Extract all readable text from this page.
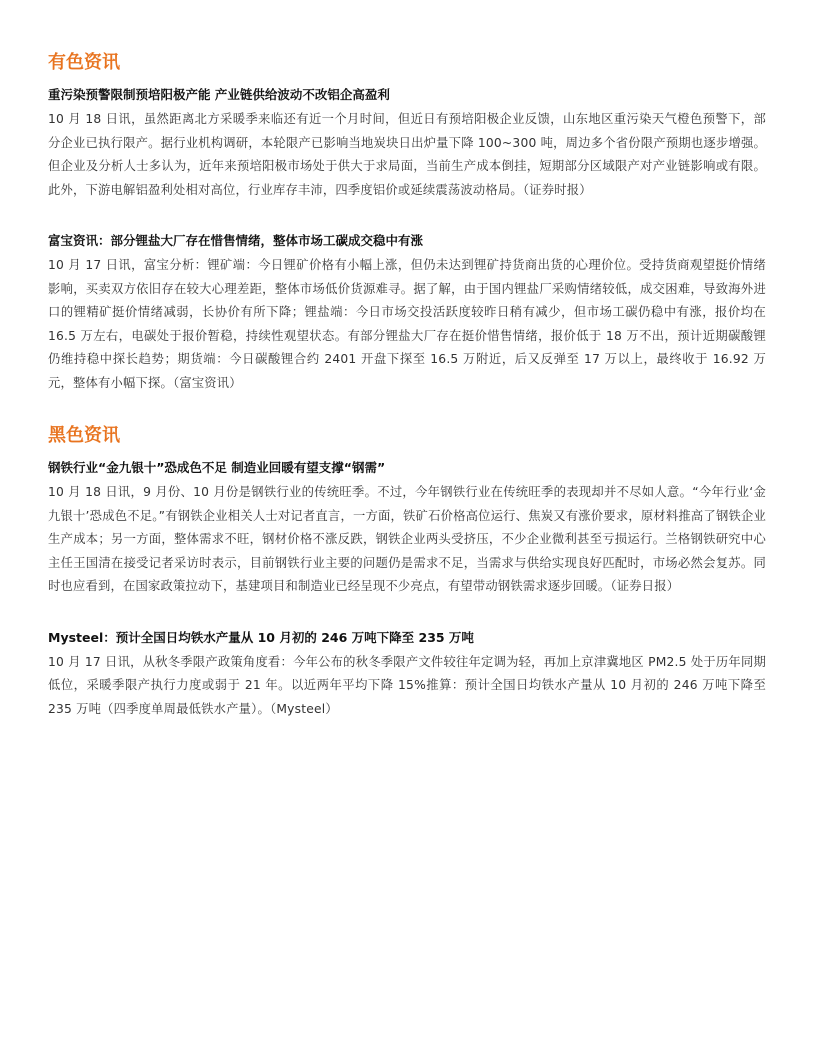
有色资讯
重污染预警限制预培阳极产能 产业链供给波动不改铝企高盈利

10 月 18 日讯，虽然距离北方采暖季来临还有近一个月时间，但近日有预培阳极企业反馈，山东地区重污染天气橙色预警下，部分企业已执行限产。据行业机构调研，本轮限产已影响当地炭块日出炉量下降 100~300 吨，周边多个省份限产预期也逐步增强。但企业及分析人士多认为，近年来预培阳极市场处于供大于求局面，当前生产成本倒挂，短期部分区域限产对产业链影响或有限。此外，下游电解铝盈利处相对高位，行业库存丰沛，四季度铝价或延续震荡波动格局。（证券时报）

富宝资讯：部分锂盐大厂存在惜售情绪，整体市场工碳成交稳中有涨

10 月 17 日讯，富宝分析：锂矿端：今日锂矿价格有小幅上涨，但仍未达到锂矿持货商出货的心理价位。受持货商观望挺价情绪影响，买卖双方依旧存在较大心理差距，整体市场低价货源难寻。据了解，由于国内锂盐厂采购情绪较低，成交困难，导致海外进口的锂精矿挺价情绪减弱，长协价有所下降；锂盐端：今日市场交投活跃度较昨日稍有减少，但市场工碳仍稳中有涨，报价均在 16.5 万左右，电碳处于报价暂稳，持续性观望状态。有部分锂盐大厂存在挺价惜售情绪，报价低于 18 万不出，预计近期碳酸锂仍维持稳中探长趋势；期货端：今日碳酸锂合约 2401 开盘下探至 16.5 万附近，后又反弹至 17 万以上，最终收于 16.92 万元，整体有小幅下探。（富宝资讯）

黑色资讯
钢铁行业“金九银十”恐成色不足 制造业回暖有望支撑“钢需”

10 月 18 日讯，9 月份、10 月份是钢铁行业的传统旺季。不过，今年钢铁行业在传统旺季的表现却并不尽如人意。“今年行业‘金九银十’恐成色不足。”有钢铁企业相关人士对记者直言，一方面，铁矿石价格高位运行、焦炭又有涨价要求，原材料推高了钢铁企业生产成本；另一方面，整体需求不旺，钢材价格不涨反跌，钢铁企业两头受挤压，不少企业微利甚至亏损运行。兰格钢铁研究中心主任王国清在接受记者采访时表示，目前钢铁行业主要的问题仍是需求不足，当需求与供给实现良好匹配时，市场必然会复苏。同时也应看到，在国家政策拉动下，基建项目和制造业已经呈现不少亮点，有望带动钢铁需求逐步回暖。（证券日报）

Mysteel：预计全国日均铁水产量从 10 月初的 246 万吨下降至 235 万吨

10 月 17 日讯，从秋冬季限产政策角度看：今年公布的秋冬季限产文件较往年定调为轻，再加上京津冀地区 PM2.5 处于历年同期低位，采暖季限产执行力度或弱于 21 年。以近两年平均下降 15%推算：预计全国日均铁水产量从 10 月初的 246 万吨下降至 235 万吨（四季度单周最低铁水产量）。（Mysteel）
